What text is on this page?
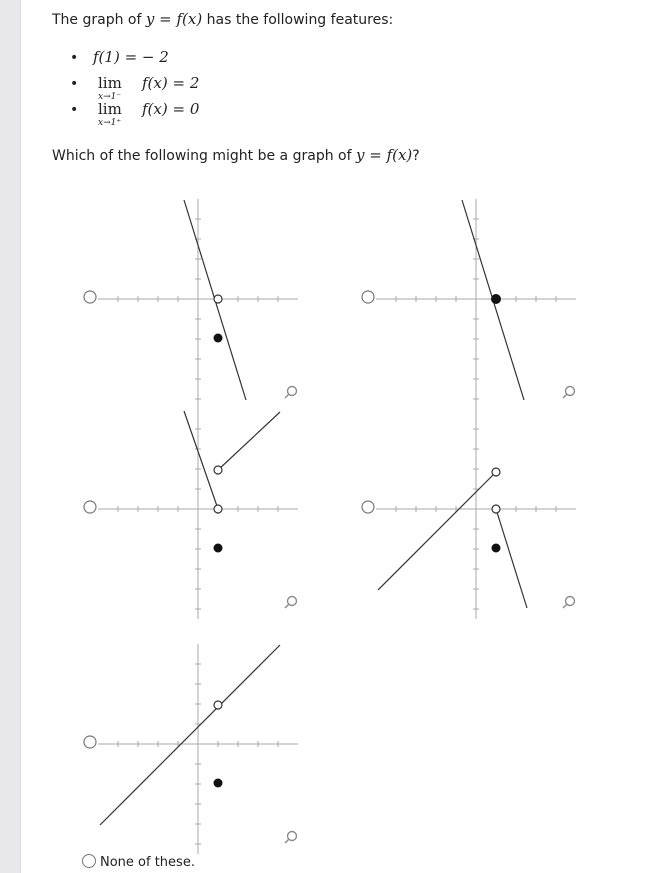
The graph of y = f(x) has the following features:
• f(1) = − 2
• lim
x→1⁻
f(x) = 2
• lim
x→1⁺
f(x) = 0
Which of the following might be a graph of y = f(x)?
None of these.
